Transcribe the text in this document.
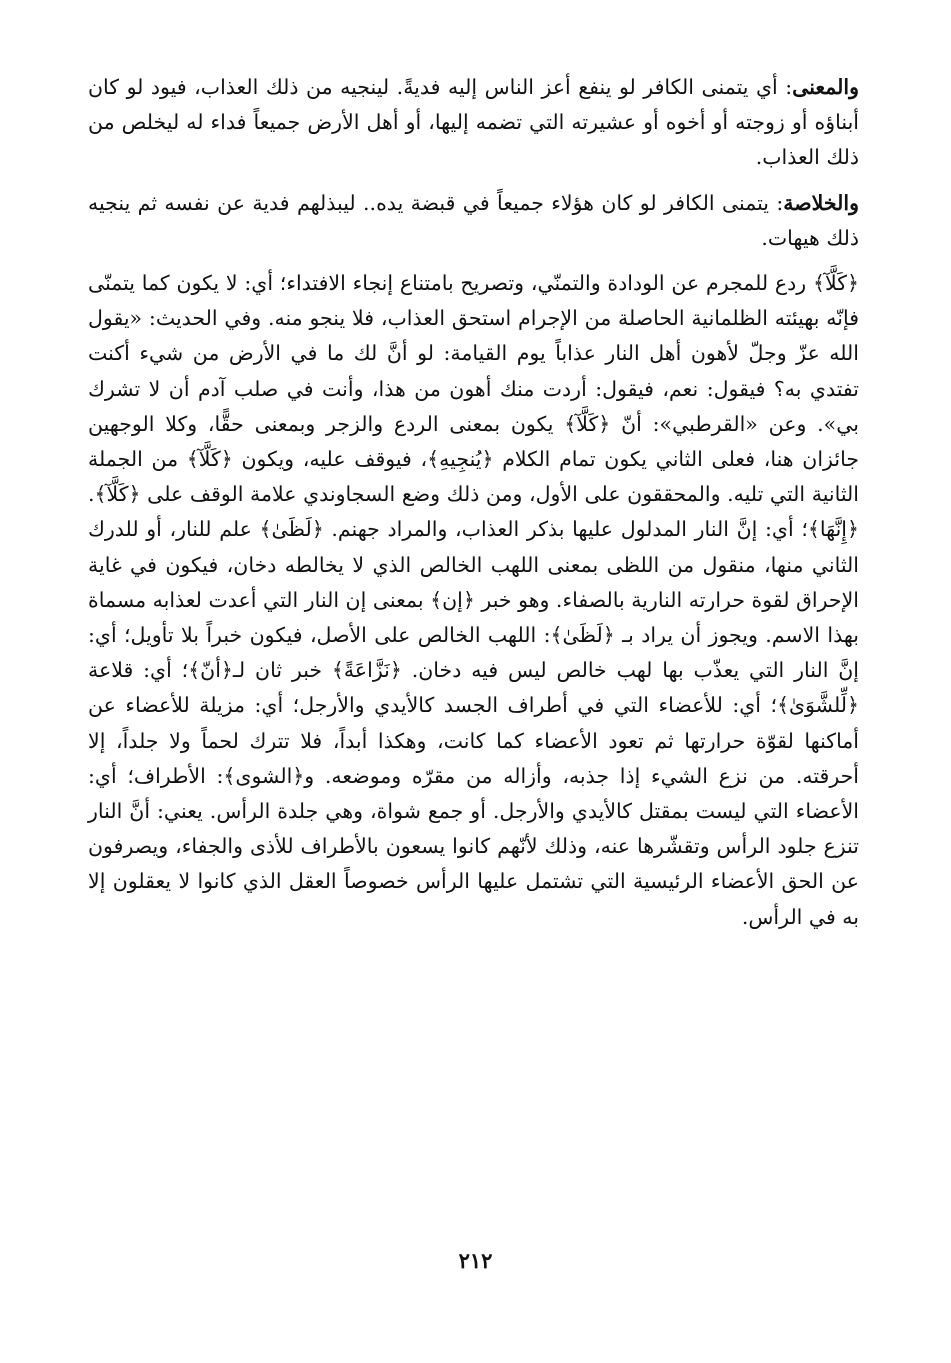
والمعنى: أي يتمنى الكافر لو ينفع أعز الناس إليه فديةً. لينجيه من ذلك العذاب، فيود لو كان أبناؤه أو زوجته أو أخوه أو عشيرته التي تضمه إليها، أو أهل الأرض جميعاً فداء له ليخلص من ذلك العذاب.

والخلاصة: يتمنى الكافر لو كان هؤلاء جميعاً في قبضة يده.. ليبذلهم فدية عن نفسه ثم ينجيه ذلك هيهات.

﴿كَلَّآ﴾ ردع للمجرم عن الودادة والتمنّي، وتصريح بامتناع إنجاء الافتداء؛ أي: لا يكون كما يتمنّى فإنّه بهيئته الظلمانية الحاصلة من الإجرام استحق العذاب، فلا ينجو منه. وفي الحديث: «يقول الله عزّ وجلّ لأهون أهل النار عذاباً يوم القيامة: لو أنَّ لك ما في الأرض من شيء أكنت تفتدي به؟ فيقول: نعم، فيقول: أردت منك أهون من هذا، وأنت في صلب آدم أن لا تشرك بي». وعن «القرطبي»: أنّ ﴿كَلَّآ﴾ يكون بمعنى الردع والزجر وبمعنى حقًّا، وكلا الوجهين جائزان هنا، فعلى الثاني يكون تمام الكلام ﴿يُنجِيهِ﴾، فيوقف عليه، ويكون ﴿كَلَّآ﴾ من الجملة الثانية التي تليه. والمحققون على الأول، ومن ذلك وضع السجاوندي علامة الوقف على ﴿كَلَّآ﴾. ﴿إِنَّهَا﴾؛ أي: إنَّ النار المدلول عليها بذكر العذاب، والمراد جهنم. ﴿لَظَىٰ﴾ علم للنار، أو للدرك الثاني منها، منقول من اللظى بمعنى اللهب الخالص الذي لا يخالطه دخان، فيكون في غاية الإحراق لقوة حرارته النارية بالصفاء. وهو خبر ﴿إن﴾ بمعنى إن النار التي أعدت لعذابه مسماة بهذا الاسم. ويجوز أن يراد بـ ﴿لَظَىٰ﴾: اللهب الخالص على الأصل، فيكون خبراً بلا تأويل؛ أي: إنَّ النار التي يعذّب بها لهب خالص ليس فيه دخان. ﴿نَزَّاعَةً﴾ خبر ثان لـ﴿أنّ﴾؛ أي: قلاعة ﴿لِّلشَّوَىٰ﴾؛ أي: للأعضاء التي في أطراف الجسد كالأيدي والأرجل؛ أي: مزيلة للأعضاء عن أماكنها لقوّة حرارتها ثم تعود الأعضاء كما كانت، وهكذا أبداً، فلا تترك لحماً ولا جلداً، إلا أحرقته. من نزع الشيء إذا جذبه، وأزاله من مقرّه وموضعه. و﴿الشوى﴾: الأطراف؛ أي: الأعضاء التي ليست بمقتل كالأيدي والأرجل. أو جمع شواة، وهي جلدة الرأس. يعني: أنَّ النار تنزع جلود الرأس وتقشّرها عنه، وذلك لأنّهم كانوا يسعون بالأطراف للأذى والجفاء، ويصرفون عن الحق الأعضاء الرئيسية التي تشتمل عليها الرأس خصوصاً العقل الذي كانوا لا يعقلون إلا به في الرأس.

٢١٢
